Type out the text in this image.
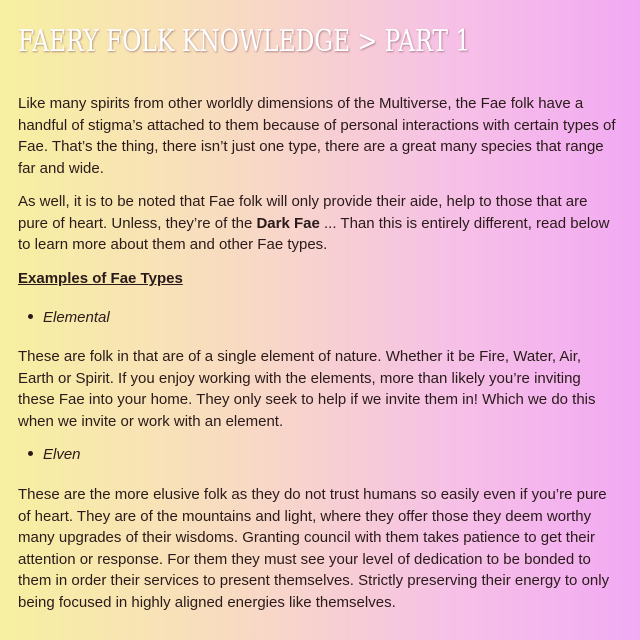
FAERY FOLK KNOWLEDGE > PART 1

Like many spirits from other worldly dimensions of the Multiverse, the Fae folk have a handful of stigma’s attached to them because of personal interactions with certain types of Fae. That’s the thing, there isn’t just one type, there are a great many species that range far and wide.

As well, it is to be noted that Fae folk will only provide their aide, help to those that are pure of heart. Unless, they’re of the Dark Fae ... Than this is entirely different, read below to learn more about them and other Fae types.

Examples of Fae Types

Elemental

These are folk in that are of a single element of nature. Whether it be Fire, Water, Air, Earth or Spirit. If you enjoy working with the elements, more than likely you’re inviting these Fae into your home. They only seek to help if we invite them in! Which we do this when we invite or work with an element.

Elven

These are the more elusive folk as they do not trust humans so easily even if you’re pure of heart. They are of the mountains and light, where they offer those they deem worthy many upgrades of their wisdoms. Granting council with them takes patience to get their attention or response. For them they must see your level of dedication to be bonded to them in order their services to present themselves. Strictly preserving their energy to only being focused in highly aligned energies like themselves.
